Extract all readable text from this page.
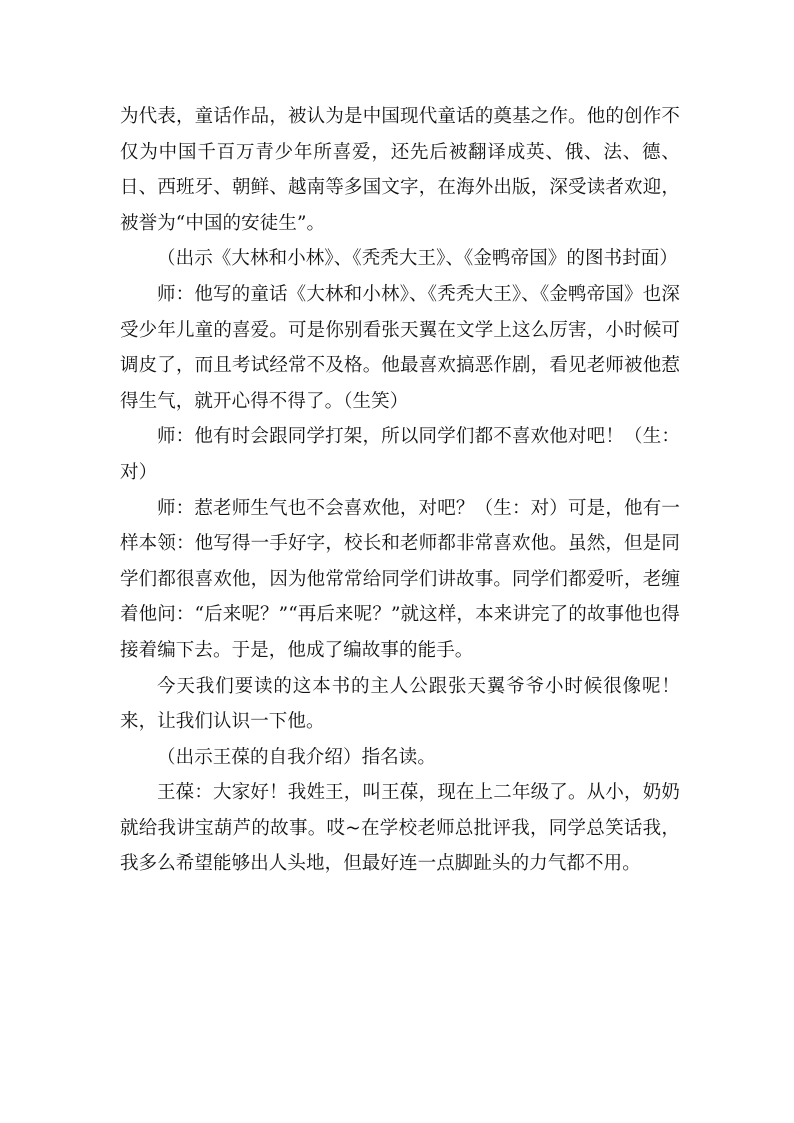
为代表，童话作品，被认为是中国现代童话的奠基之作。他的创作不仅为中国千百万青少年所喜爱，还先后被翻译成英、俄、法、德、日、西班牙、朝鲜、越南等多国文字，在海外出版，深受读者欢迎，被誉为“中国的安徒生”。

（出示《大林和小林》、《秃秃大王》、《金鸭帝国》的图书封面）

师：他写的童话《大林和小林》、《秃秃大王》、《金鸭帝国》也深受少年儿童的喜爱。可是你别看张天翼在文学上这么厉害，小时候可调皮了，而且考试经常不及格。他最喜欢搞恶作剧，看见老师被他惹得生气，就开心得不得了。（生笑）

师：他有时会跟同学打架，所以同学们都不喜欢他对吧！（生：对）

师：惹老师生气也不会喜欢他，对吧？（生：对）可是，他有一样本领：他写得一手好字，校长和老师都非常喜欢他。虽然，但是同学们都很喜欢他，因为他常常给同学们讲故事。同学们都爱听，老缠着他问：“后来呢？”“再后来呢？”就这样，本来讲完了的故事他也得接着编下去。于是，他成了编故事的能手。

今天我们要读的这本书的主人公跟张天翼爷爷小时候很像呢！来，让我们认识一下他。

（出示王葆的自我介绍）指名读。

王葆：大家好！我姓王，叫王葆，现在上二年级了。从小，奶奶就给我讲宝葫芦的故事。哎~在学校老师总批评我，同学总笑话我，我多么希望能够出人头地，但最好连一点脚趾头的力气都不用。
